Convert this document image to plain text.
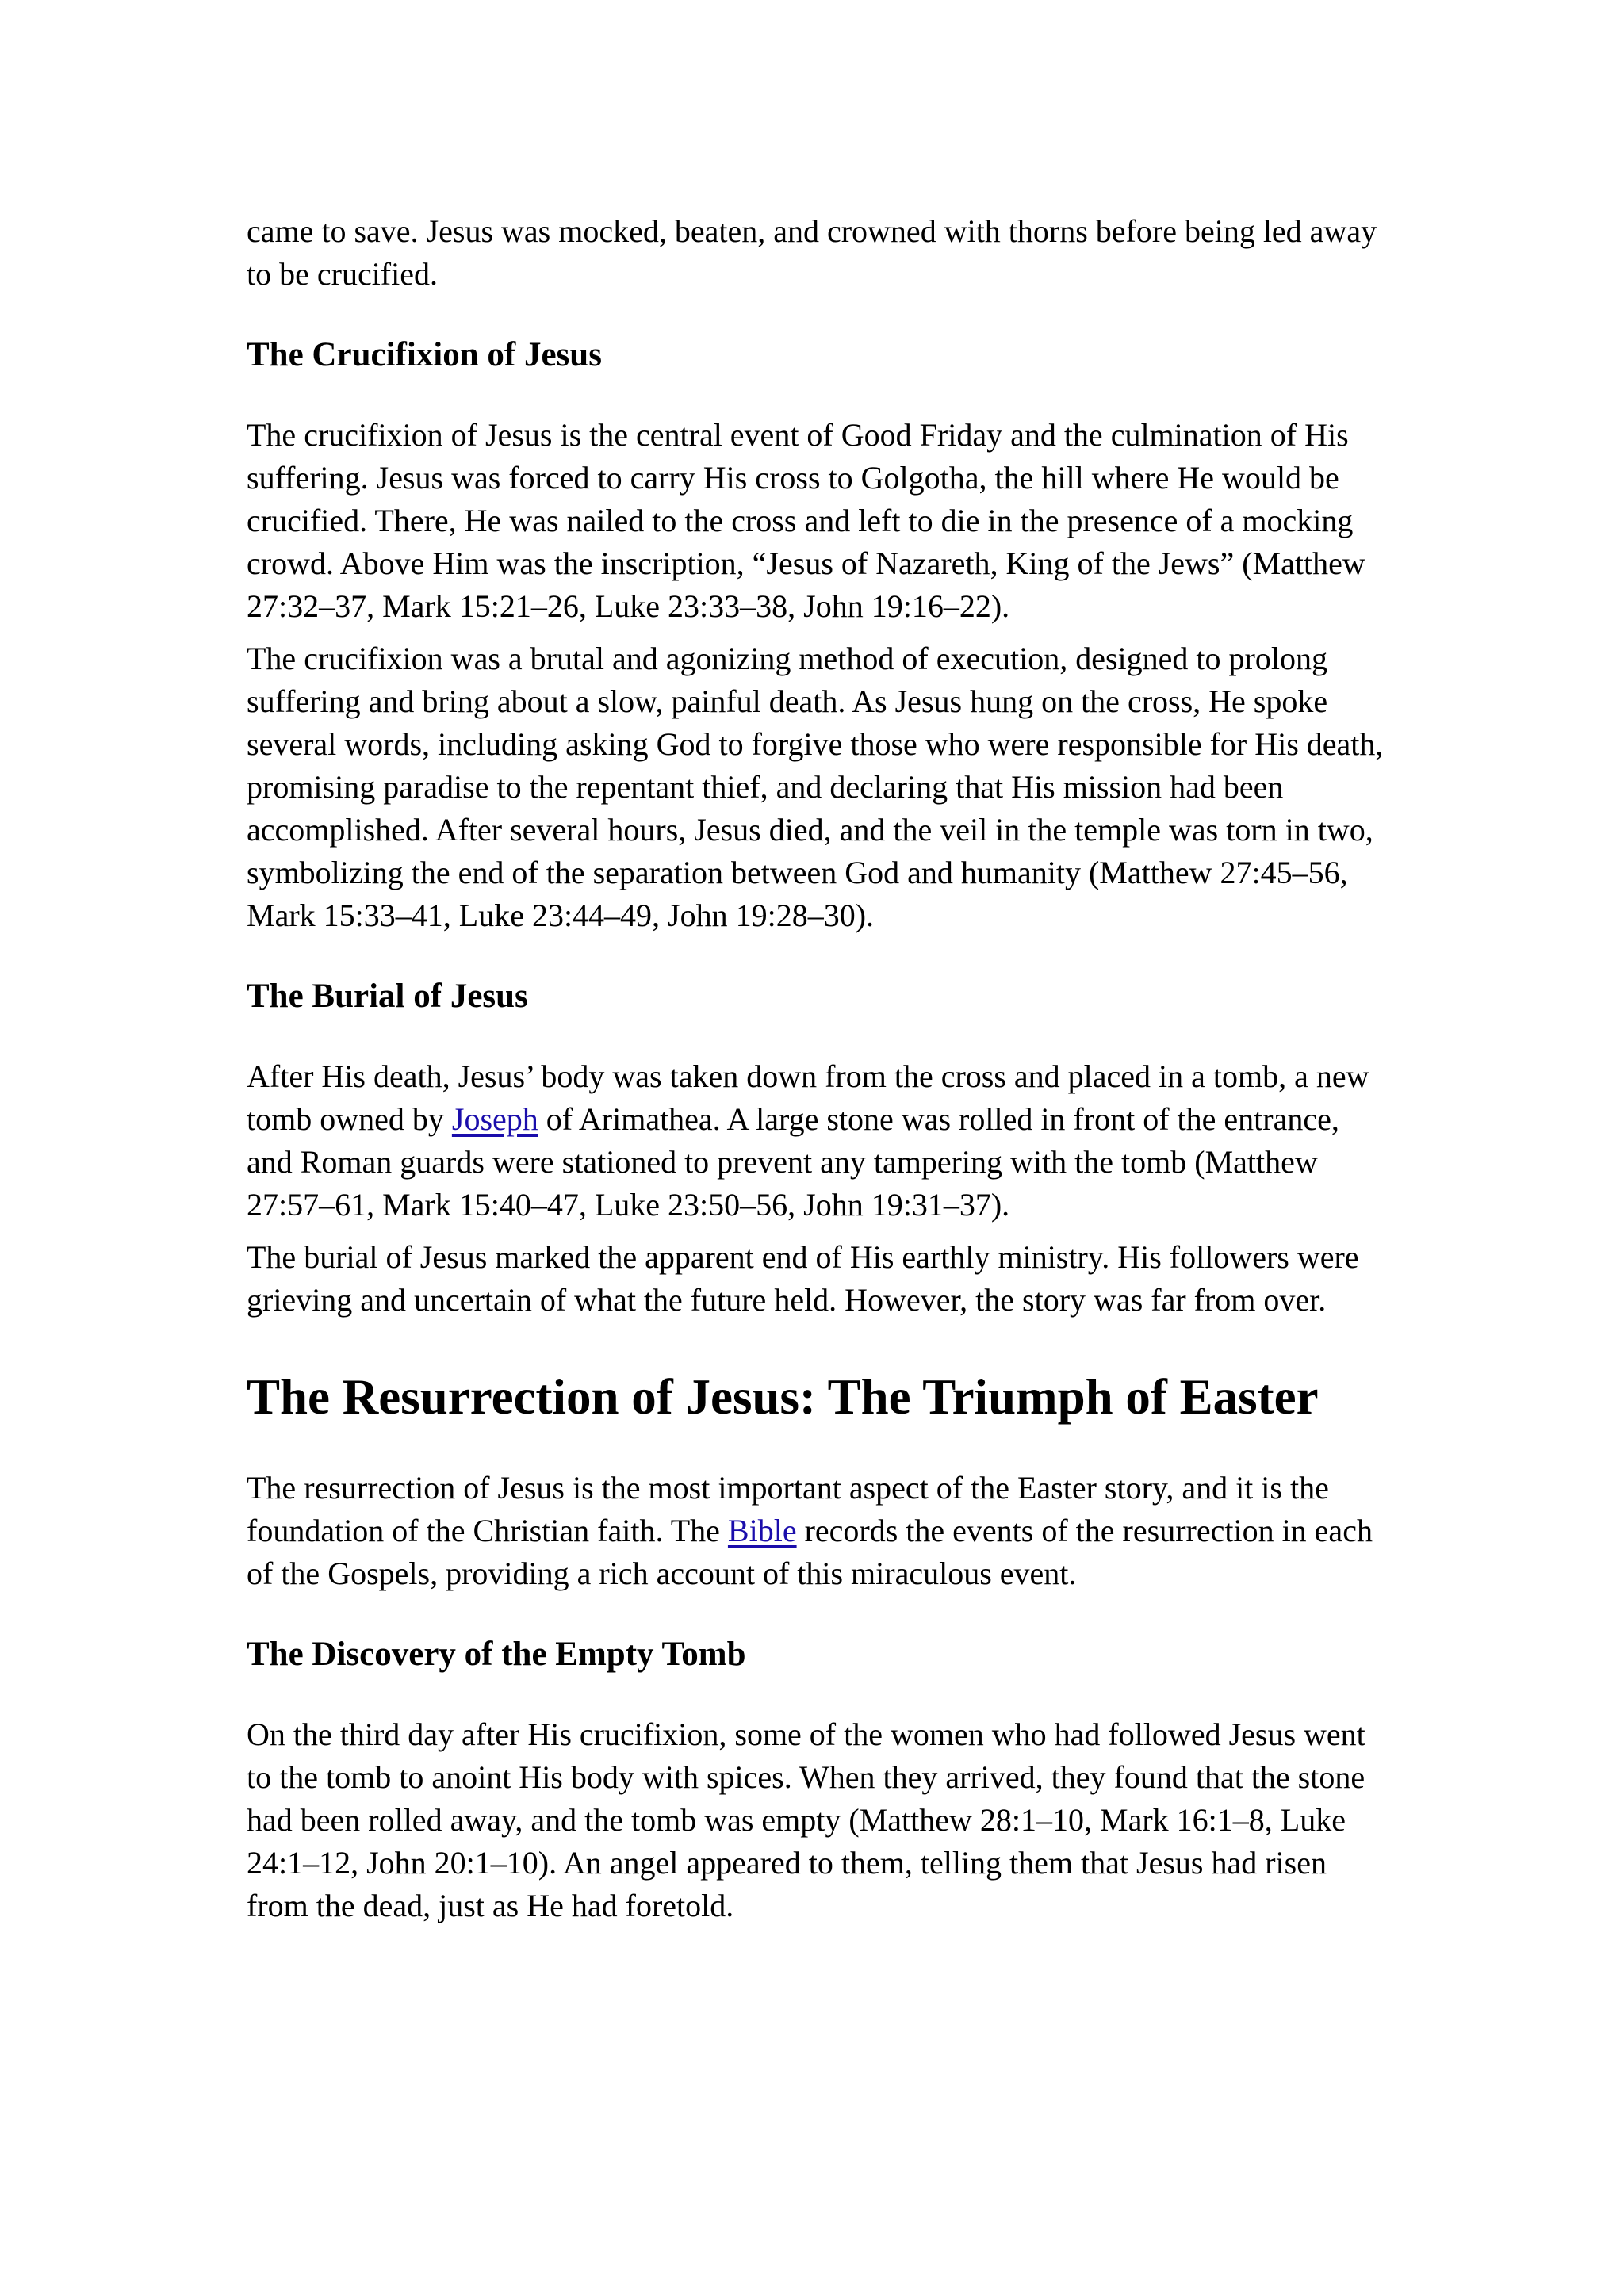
came to save. Jesus was mocked, beaten, and crowned with thorns before being led away to be crucified.

The Crucifixion of Jesus

The crucifixion of Jesus is the central event of Good Friday and the culmination of His suffering. Jesus was forced to carry His cross to Golgotha, the hill where He would be crucified. There, He was nailed to the cross and left to die in the presence of a mocking crowd. Above Him was the inscription, “Jesus of Nazareth, King of the Jews” (Matthew 27:32–37, Mark 15:21–26, Luke 23:33–38, John 19:16–22).

The crucifixion was a brutal and agonizing method of execution, designed to prolong suffering and bring about a slow, painful death. As Jesus hung on the cross, He spoke several words, including asking God to forgive those who were responsible for His death, promising paradise to the repentant thief, and declaring that His mission had been accomplished. After several hours, Jesus died, and the veil in the temple was torn in two, symbolizing the end of the separation between God and humanity (Matthew 27:45–56, Mark 15:33–41, Luke 23:44–49, John 19:28–30).

The Burial of Jesus

After His death, Jesus’ body was taken down from the cross and placed in a tomb, a new tomb owned by Joseph of Arimathea. A large stone was rolled in front of the entrance, and Roman guards were stationed to prevent any tampering with the tomb (Matthew 27:57–61, Mark 15:40–47, Luke 23:50–56, John 19:31–37).

The burial of Jesus marked the apparent end of His earthly ministry. His followers were grieving and uncertain of what the future held. However, the story was far from over.

The Resurrection of Jesus: The Triumph of Easter

The resurrection of Jesus is the most important aspect of the Easter story, and it is the foundation of the Christian faith. The Bible records the events of the resurrection in each of the Gospels, providing a rich account of this miraculous event.

The Discovery of the Empty Tomb

On the third day after His crucifixion, some of the women who had followed Jesus went to the tomb to anoint His body with spices. When they arrived, they found that the stone had been rolled away, and the tomb was empty (Matthew 28:1–10, Mark 16:1–8, Luke 24:1–12, John 20:1–10). An angel appeared to them, telling them that Jesus had risen from the dead, just as He had foretold.
